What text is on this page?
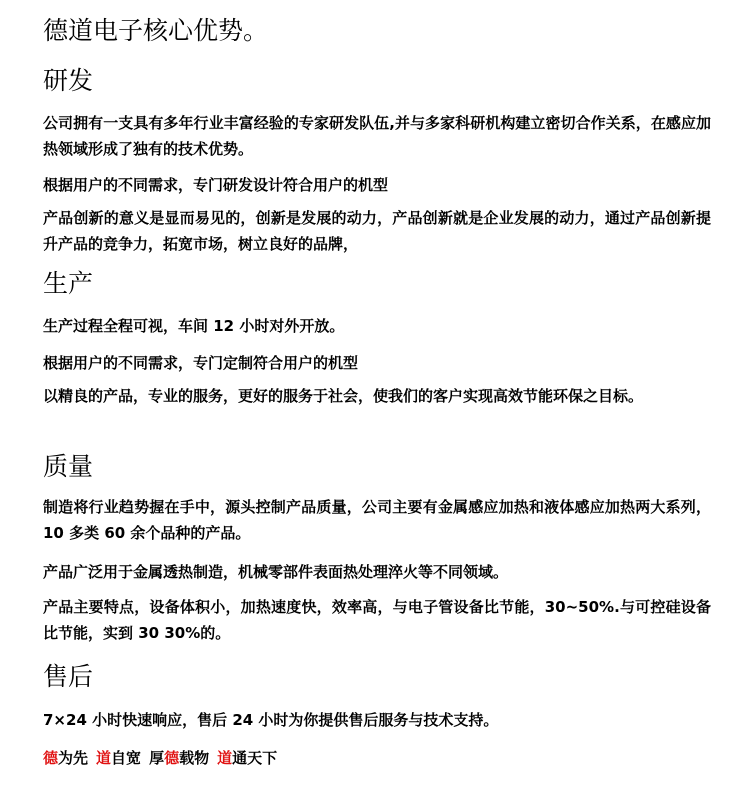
德道电子核心优势。
研发
公司拥有一支具有多年行业丰富经验的专家研发队伍,并与多家科研机构建立密切合作关系，在感应加热领域形成了独有的技术优势。
根据用户的不同需求，专门研发设计符合用户的机型
产品创新的意义是显而易见的，创新是发展的动力，产品创新就是企业发展的动力，通过产品创新提升产品的竞争力，拓宽市场，树立良好的品牌，
生产
生产过程全程可视，车间 12 小时对外开放。
根据用户的不同需求，专门定制符合用户的机型
以精良的产品，专业的服务，更好的服务于社会，使我们的客户实现高效节能环保之目标。
质量
制造将行业趋势握在手中，源头控制产品质量，公司主要有金属感应加热和液体感应加热两大系列，10 多类 60 余个品种的产品。
产品广泛用于金属透热制造，机械零部件表面热处理淬火等不同领域。
产品主要特点，设备体积小，加热速度快，效率高，与电子管设备比节能，30~50%.与可控硅设备比节能，实到 30 30%的。
售后
7×24 小时快速响应，售后 24 小时为你提供售后服务与技术支持。
德为先 道自宽 厚德载物 道通天下
